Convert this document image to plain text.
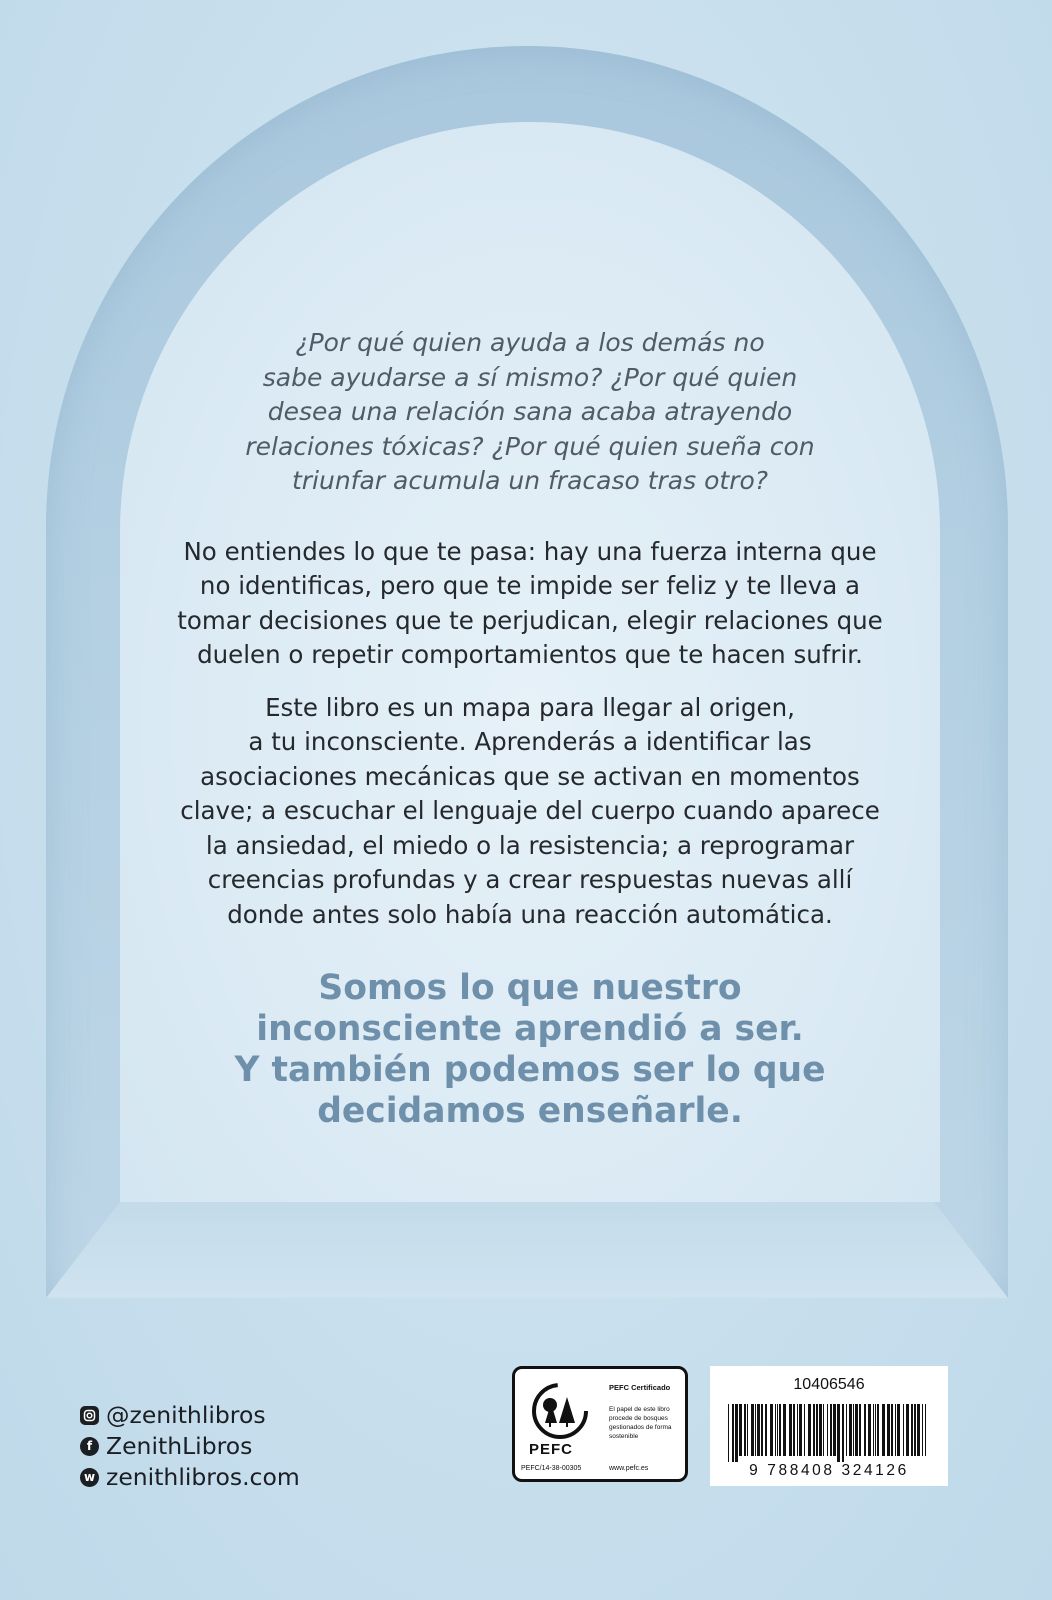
¿Por qué quien ayuda a los demás no
sabe ayudarse a sí mismo? ¿Por qué quien
desea una relación sana acaba atrayendo
relaciones tóxicas? ¿Por qué quien sueña con
triunfar acumula un fracaso tras otro?
No entiendes lo que te pasa: hay una fuerza interna que
no identificas, pero que te impide ser feliz y te lleva a
tomar decisiones que te perjudican, elegir relaciones que
duelen o repetir comportamientos que te hacen sufrir.
Este libro es un mapa para llegar al origen,
a tu inconsciente. Aprenderás a identificar las
asociaciones mecánicas que se activan en momentos
clave; a escuchar el lenguaje del cuerpo cuando aparece
la ansiedad, el miedo o la resistencia; a reprogramar
creencias profundas y a crear respuestas nuevas allí
donde antes solo había una reacción automática.
Somos lo que nuestro
inconsciente aprendió a ser.
Y también podemos ser lo que
decidamos enseñarle.
@zenithlibros
f ZenithLibros
w zenithlibros.com
PEFC
PEFC/14-38-00305
PEFC Certificado
El papel de este libro procede de bosques gestionados de forma sostenible
www.pefc.es
10406546
9 788408 324126
